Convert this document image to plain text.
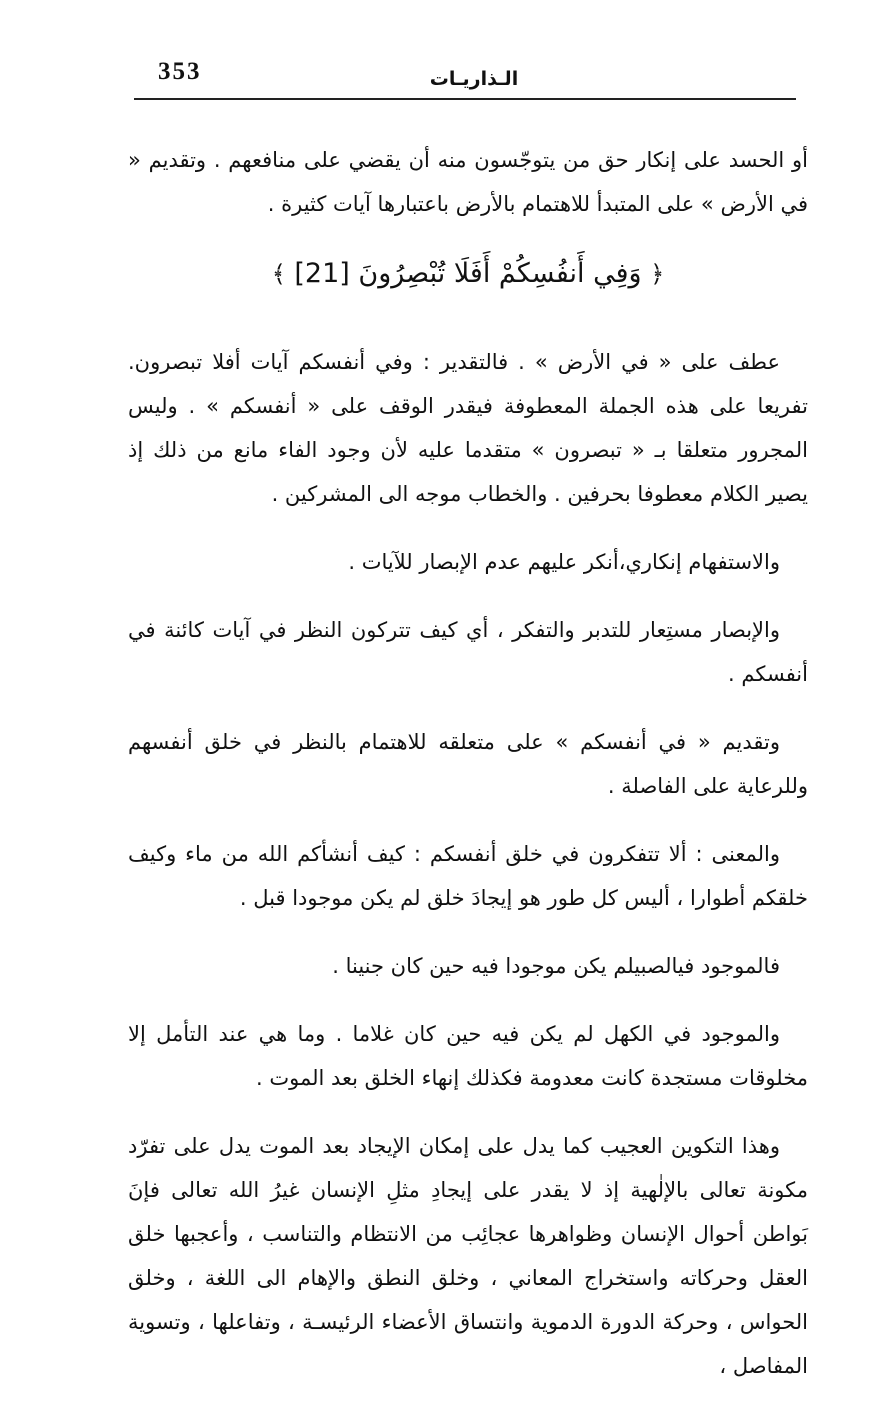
353	الـذاريـات

أو الحسد على إنكار حق من يتوجّسون منه أن يقضي على منافعهم . وتقديم « في الأرض » على المتبدأ للاهتمام بالأرض باعتبارها آيات كثيرة .

﴿ وَفِي أَنفُسِكُمْ أَفَلَا تُبْصِرُونَ [21] ﴾

عطف على « في الأرض » . فالتقدير : وفي أنفسكم آيات أفلا تبصرون. تفريعا على هذه الجملة المعطوفة فيقدر الوقف على « أنفسكم » . وليس المجرور متعلقا بـ « تبصرون » متقدما عليه لأن وجود الفاء مانع من ذلك إذ يصير الكلام معطوفا بحرفين . والخطاب موجه الى المشركين .

والاستفهام إنكاري،أنكر عليهم عدم الإبصار للآيات .

والإبصار مستِعار للتدبر والتفكر ، أي كيف تتركون النظر في آيات كائنة في أنفسكم .

وتقديم « في أنفسكم » على متعلقه للاهتمام بالنظر في خلق أنفسهم وللرعاية على الفاصلة .

والمعنى : ألا تتفكرون في خلق أنفسكم : كيف أنشأكم الله من ماء وكيف خلقكم أطوارا ، أليس كل طور هو إيجادَ خلق لم يكن موجودا قبل .

فالموجود فيالصبيلم يكن موجودا فيه حين كان جنينا .

والموجود في الكهل لم يكن فيه حين كان غلاما . وما هي عند التأمل إلا مخلوقات مستجدة كانت معدومة فكذلك إنهاء الخلق بعد الموت .

وهذا التكوين العجيب كما يدل على إمكان الإيجاد بعد الموت يدل على تفرّد مكونة تعالى بالإلٰهية إذ لا يقدر على إيجادِ مثلِ الإنسان غيرُ الله تعالى فإنَ بَواطن أحوال الإنسان وظواهرها عجائِب من الانتظام والتناسب ، وأعجبها خلق العقل وحركاته واستخراج المعاني ، وخلق النطق والإهام الى اللغة ، وخلق الحواس ، وحركة الدورة الدموية وانتساق الأعضاء الرئيسـة ، وتفاعلها ، وتسوية المفاصل ،
